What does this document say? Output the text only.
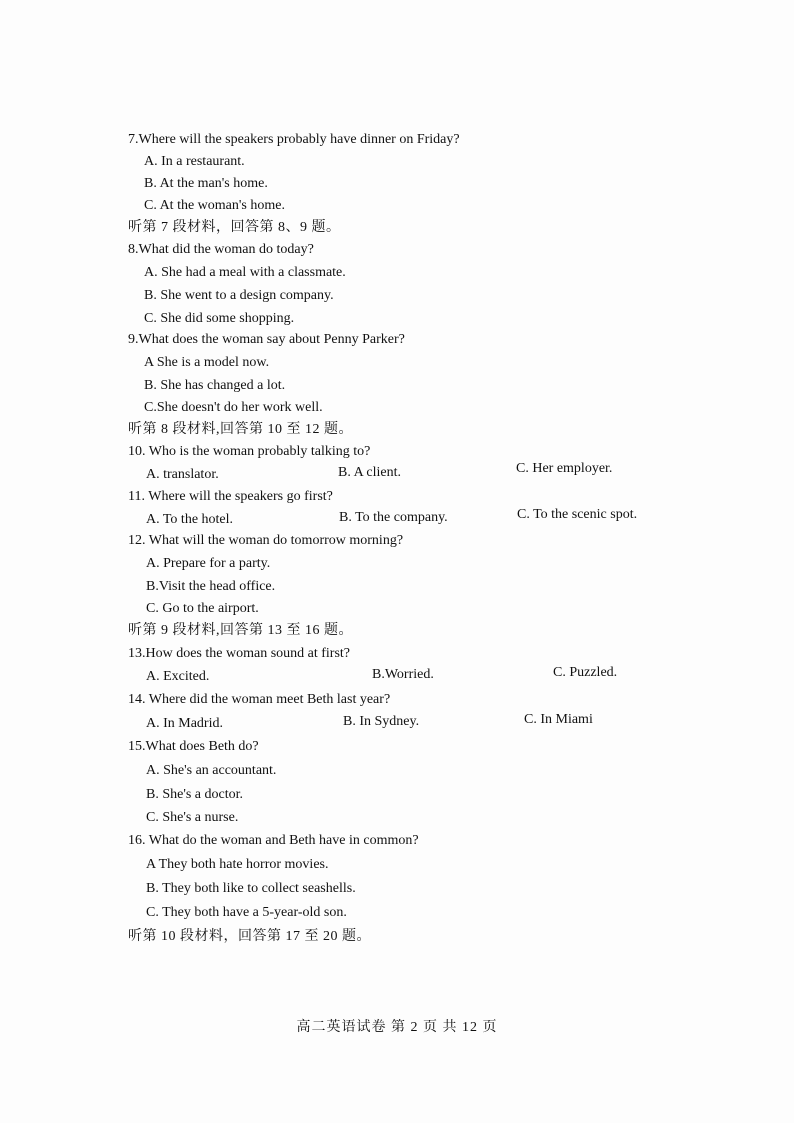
7.Where will the speakers probably have dinner on Friday?
A. In a restaurant.
B. At the man's home.
C. At the woman's home.
听第 7 段材料，回答第 8、9 题。
8.What did the woman do today?
A. She had a meal with a classmate.
B. She went to a design company.
C. She did some shopping.
9.What does the woman say about Penny Parker?
A She is a model now.
B. She has changed a lot.
C.She doesn't do her work well.
听第 8 段材料,回答第 10 至 12 题。
10. Who is the woman probably talking to?
A. translator.	B. A client.	C. Her employer.
11. Where will the speakers go first?
A. To the hotel.	B. To the company.	C. To the scenic spot.
12. What will the woman do tomorrow morning?
A. Prepare for a party.
B.Visit the head office.
C. Go to the airport.
听第 9 段材料,回答第 13 至 16 题。
13.How does the woman sound at first?
A. Excited.	B.Worried.	C. Puzzled.
14. Where did the woman meet Beth last year?
A. In Madrid.	B. In Sydney.	C. In Miami
15.What does Beth do?
A. She's an accountant.
B. She's a doctor.
C. She's a nurse.
16. What do the woman and Beth have in common?
A They both hate horror movies.
B. They both like to collect seashells.
C. They both have a 5-year-old son.
听第 10 段材料，回答第 17 至 20 题。
高二英语试卷 第 2 页 共 12 页
